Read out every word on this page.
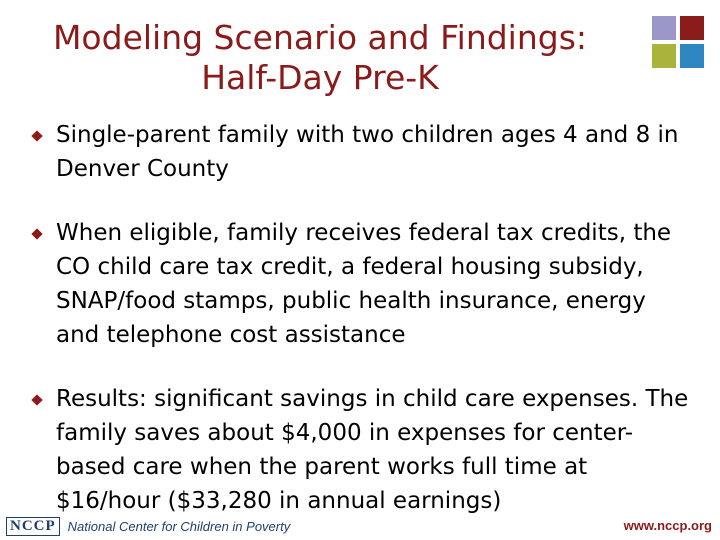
Modeling Scenario and Findings:
Half-Day Pre-K
Single-parent family with two children ages 4 and 8 in Denver County
When eligible, family receives federal tax credits, the CO child care tax credit, a federal housing subsidy, SNAP/food stamps, public health insurance, energy and telephone cost assistance
Results: significant savings in child care expenses. The family saves about $4,000 in expenses for center-based care when the parent works full time at $16/hour ($33,280 in annual earnings)
NCCP National Center for Children in Poverty	www.nccp.org
